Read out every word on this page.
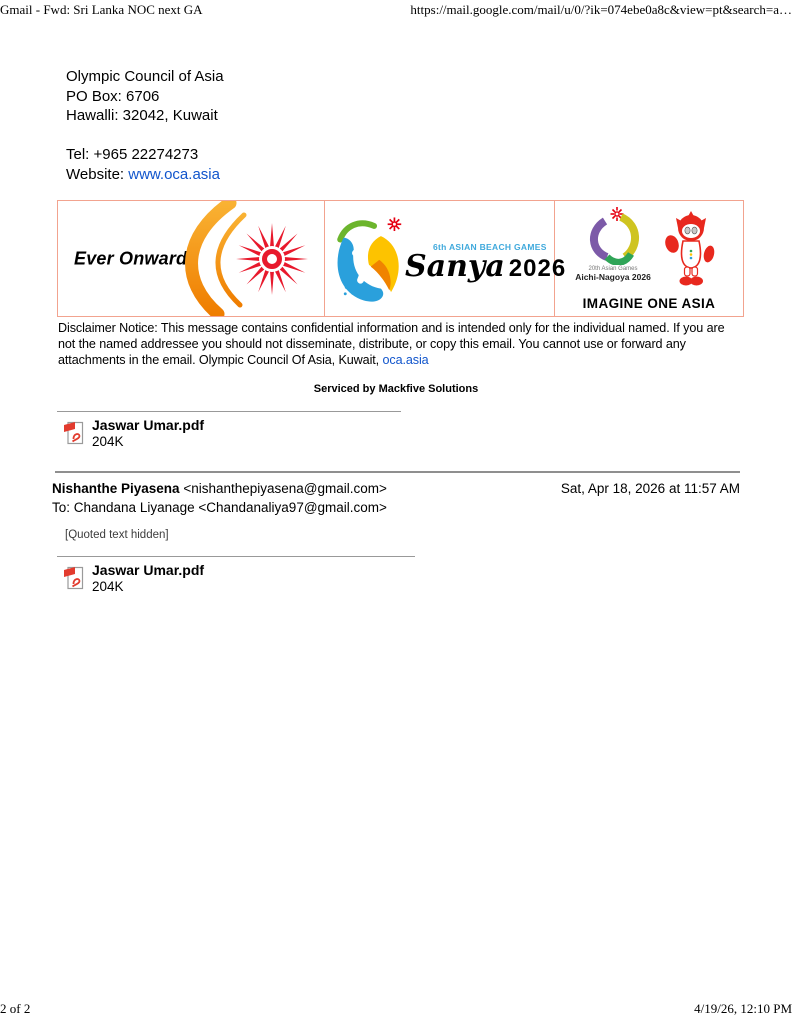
Gmail - Fwd: Sri Lanka NOC next GA	https://mail.google.com/mail/u/0/?ik=074ebe0a8c&view=pt&search=a…
Olympic Council of Asia
PO Box: 6706
Hawalli: 32042, Kuwait
Tel: +965 22274273
Website: www.oca.asia
Ever Onward
6th ASIAN BEACH GAMES
Sanya 2026	20th Asian Games
Aichi-Nagoya 2026
IMAGINE ONE ASIA
Disclaimer Notice: This message contains confidential information and is intended only for the individual named. If you are not the named addressee you should not disseminate, distribute, or copy this email. You cannot use or forward any attachments in the email. Olympic Council Of Asia, Kuwait, oca.asia
Serviced by Mackfive Solutions
Jaswar Umar.pdf
204K
Nishanthe Piyasena <nishanthepiyasena@gmail.com>
To: Chandana Liyanage <Chandanaliya97@gmail.com>
Sat, Apr 18, 2026 at 11:57 AM
[Quoted text hidden]
Jaswar Umar.pdf
204K
2 of 2	4/19/26, 12:10 PM
